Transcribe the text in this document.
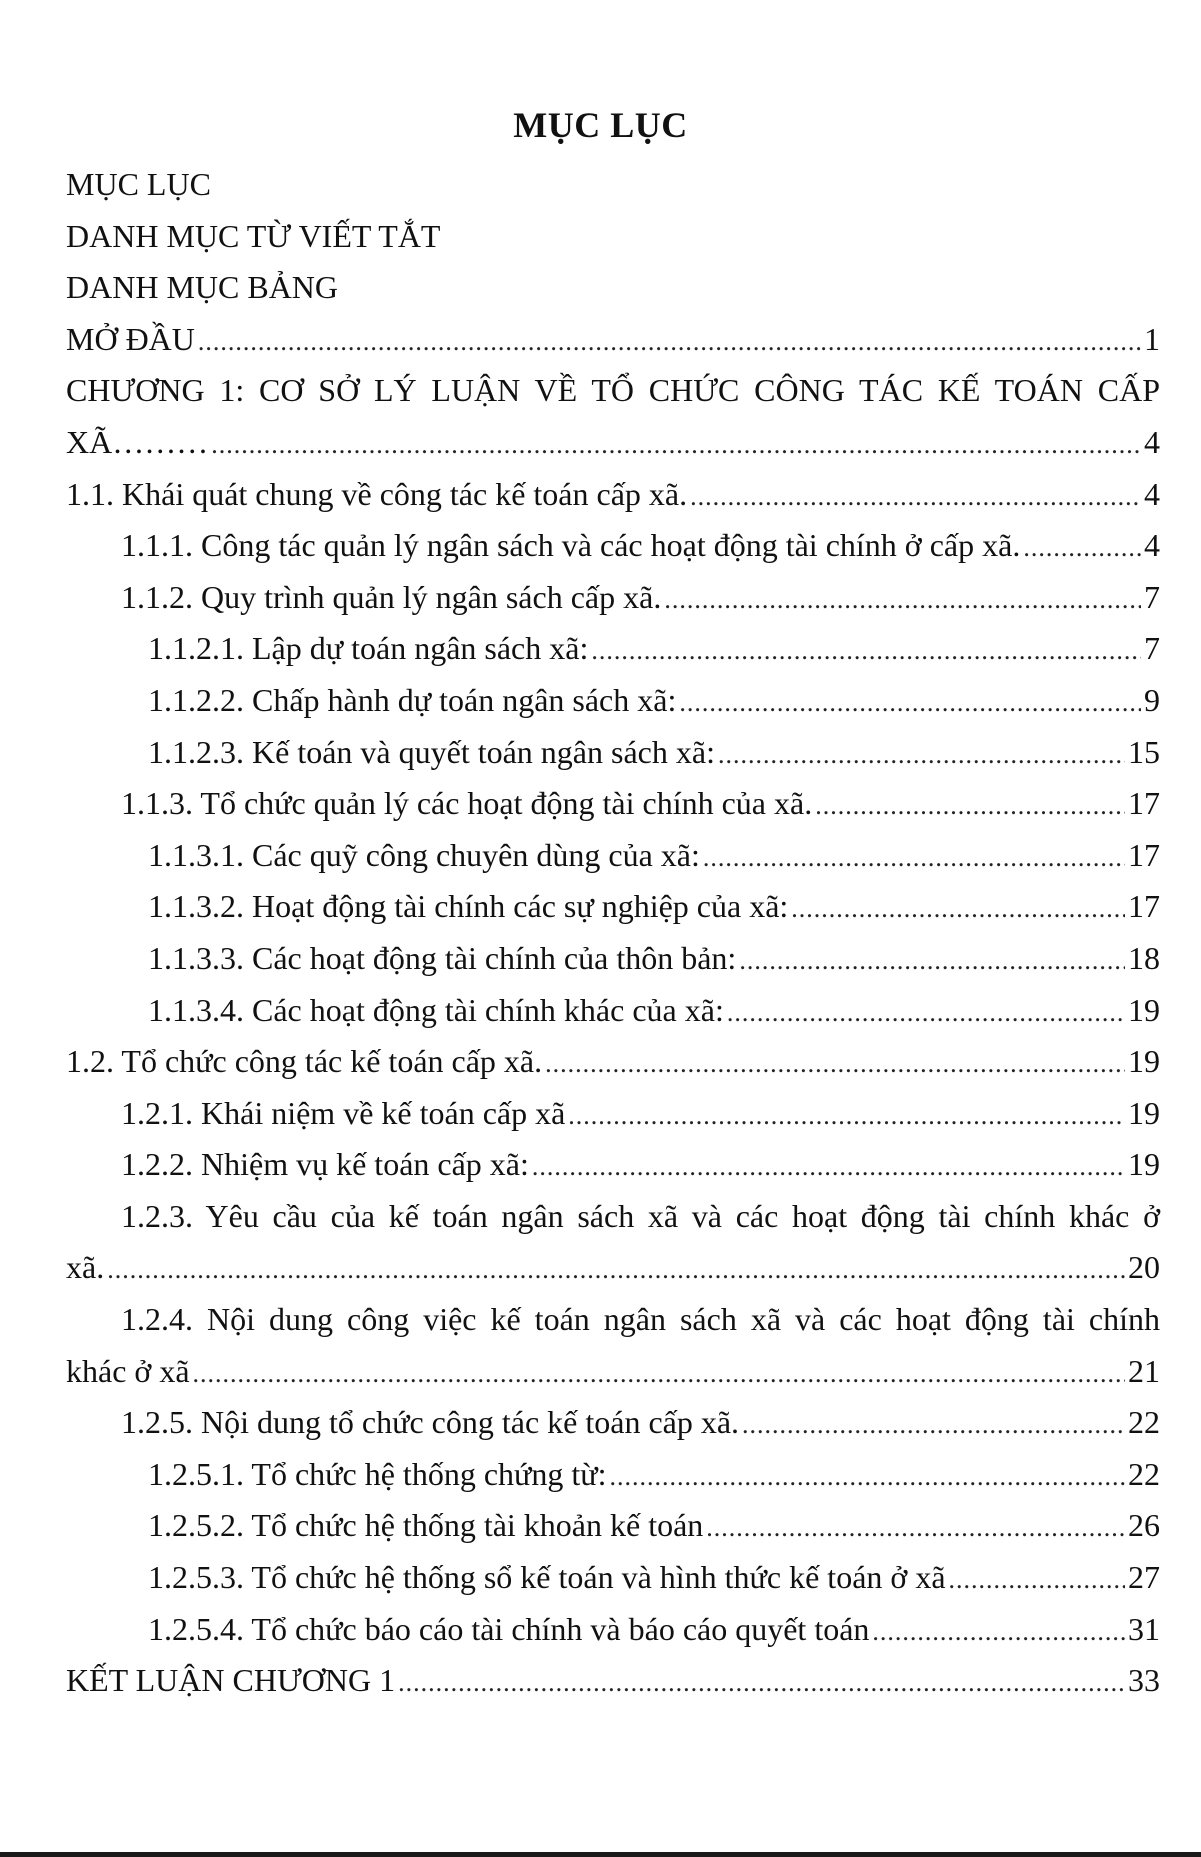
MỤC LỤC
MỤC LỤC
DANH MỤC TỪ VIẾT TẮT
DANH MỤC BẢNG
MỞ ĐẦU .....	1
CHƯƠNG 1: CƠ SỞ LÝ LUẬN VỀ TỔ CHỨC CÔNG TÁC KẾ TOÁN CẤP
XÃ……… .....	4
1.1. Khái quát chung về công tác kế toán cấp xã. .....	4
1.1.1. Công tác quản lý ngân sách và các hoạt động tài chính ở cấp xã. .....	4
1.1.2. Quy trình quản lý ngân sách cấp xã. .....	7
1.1.2.1. Lập dự toán ngân sách xã: .....	7
1.1.2.2. Chấp hành dự toán ngân sách xã: .....	9
1.1.2.3. Kế toán và quyết toán ngân sách xã: .....	15
1.1.3. Tổ chức quản lý các hoạt động tài chính của xã. .....	17
1.1.3.1. Các quỹ công chuyên dùng của xã: .....	17
1.1.3.2. Hoạt động tài chính các sự nghiệp của xã: .....	17
1.1.3.3. Các hoạt động tài chính của thôn bản: .....	18
1.1.3.4. Các hoạt động tài chính khác của xã: .....	19
1.2. Tổ chức công tác kế toán cấp xã. .....	19
1.2.1. Khái niệm về kế toán cấp xã .....	19
1.2.2. Nhiệm vụ kế toán cấp xã: .....	19
1.2.3. Yêu cầu của kế toán ngân sách xã và các hoạt động tài chính khác ở
xã. .....	20
1.2.4. Nội dung công việc kế toán ngân sách xã và các hoạt động tài chính
khác ở xã .....	21
1.2.5. Nội dung tổ chức công tác kế toán cấp xã. .....	22
1.2.5.1. Tổ chức hệ thống chứng từ: .....	22
1.2.5.2. Tổ chức hệ thống tài khoản kế toán .....	26
1.2.5.3. Tổ chức hệ thống sổ kế toán và hình thức kế toán ở xã .....	27
1.2.5.4. Tổ chức báo cáo tài chính và báo cáo quyết toán .....	31
KẾT LUẬN CHƯƠNG 1 .....	33
